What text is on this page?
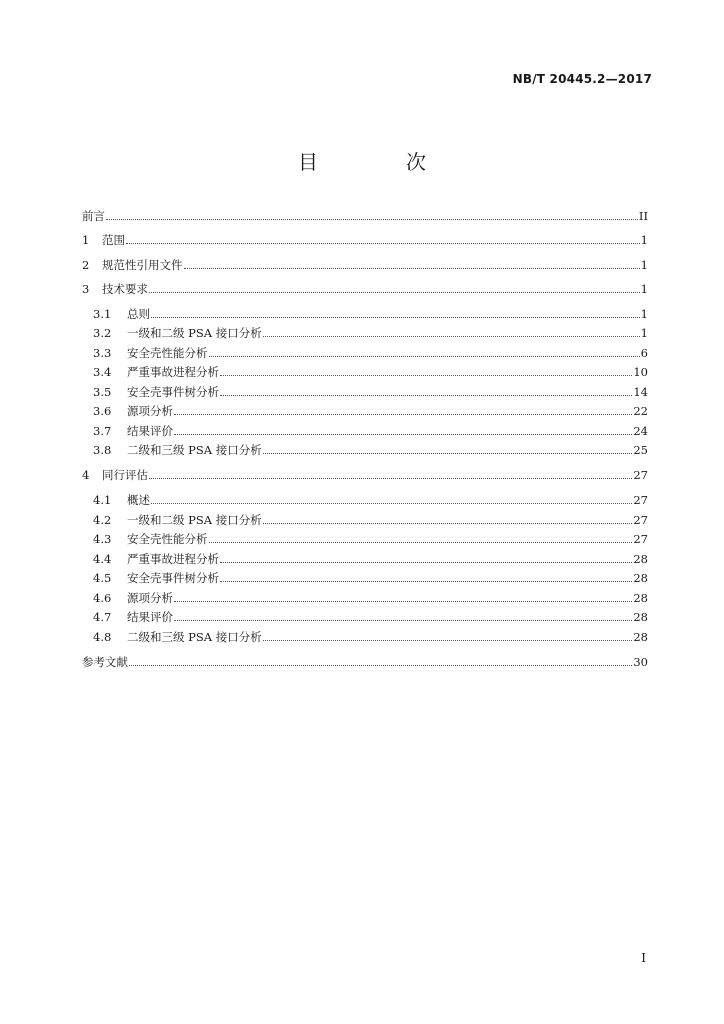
NB/T 20445.2—2017
目　次
前言	II
1	范围	1
2	规范性引用文件	1
3	技术要求	1
3.1	总则	1
3.2	一级和二级 PSA 接口分析	1
3.3	安全壳性能分析	6
3.4	严重事故进程分析	10
3.5	安全壳事件树分析	14
3.6	源项分析	22
3.7	结果评价	24
3.8	二级和三级 PSA 接口分析	25
4	同行评估	27
4.1	概述	27
4.2	一级和二级 PSA 接口分析	27
4.3	安全壳性能分析	27
4.4	严重事故进程分析	28
4.5	安全壳事件树分析	28
4.6	源项分析	28
4.7	结果评价	28
4.8	二级和三级 PSA 接口分析	28
参考文献	30
I
